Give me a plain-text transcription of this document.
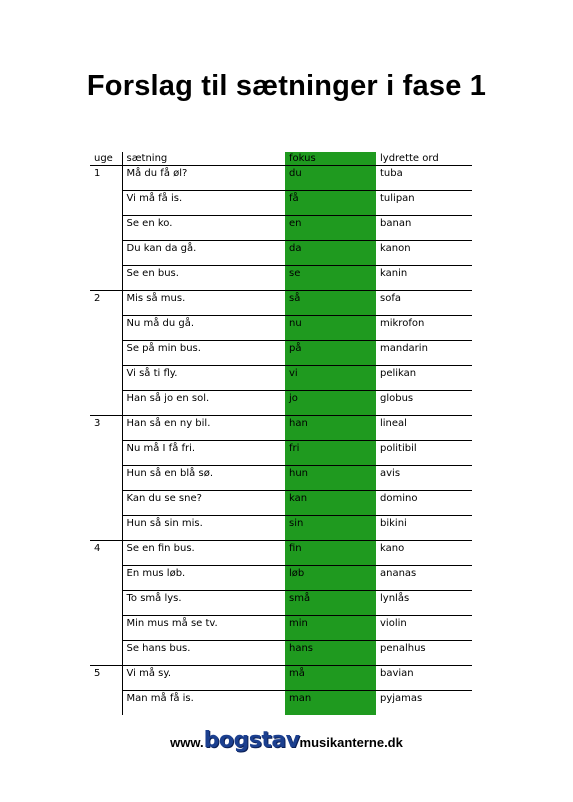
Forslag til sætninger i fase 1
uge	sætning	fokus	lydrette ord
1	Må du få øl?	du	tuba
	Vi må få is.	få	tulipan
	Se en ko.	en	banan
	Du kan da gå.	da	kanon
	Se en bus.	se	kanin
2	Mis så mus.	så	sofa
	Nu må du gå.	nu	mikrofon
	Se på min bus.	på	mandarin
	Vi så ti fly.	vi	pelikan
	Han så jo en sol.	jo	globus
3	Han så en ny bil.	han	lineal
	Nu må I få fri.	fri	politibil
	Hun så en blå sø.	hun	avis
	Kan du se sne?	kan	domino
	Hun så sin mis.	sin	bikini
4	Se en fin bus.	fin	kano
	En mus løb.	løb	ananas
	To små lys.	små	lynlås
	Min mus må se tv.	min	violin
	Se hans bus.	hans	penalhus
5	Vi må sy.	må	bavian
	Man må få is.	man	pyjamas
www.bogstavmusikanterne.dk
